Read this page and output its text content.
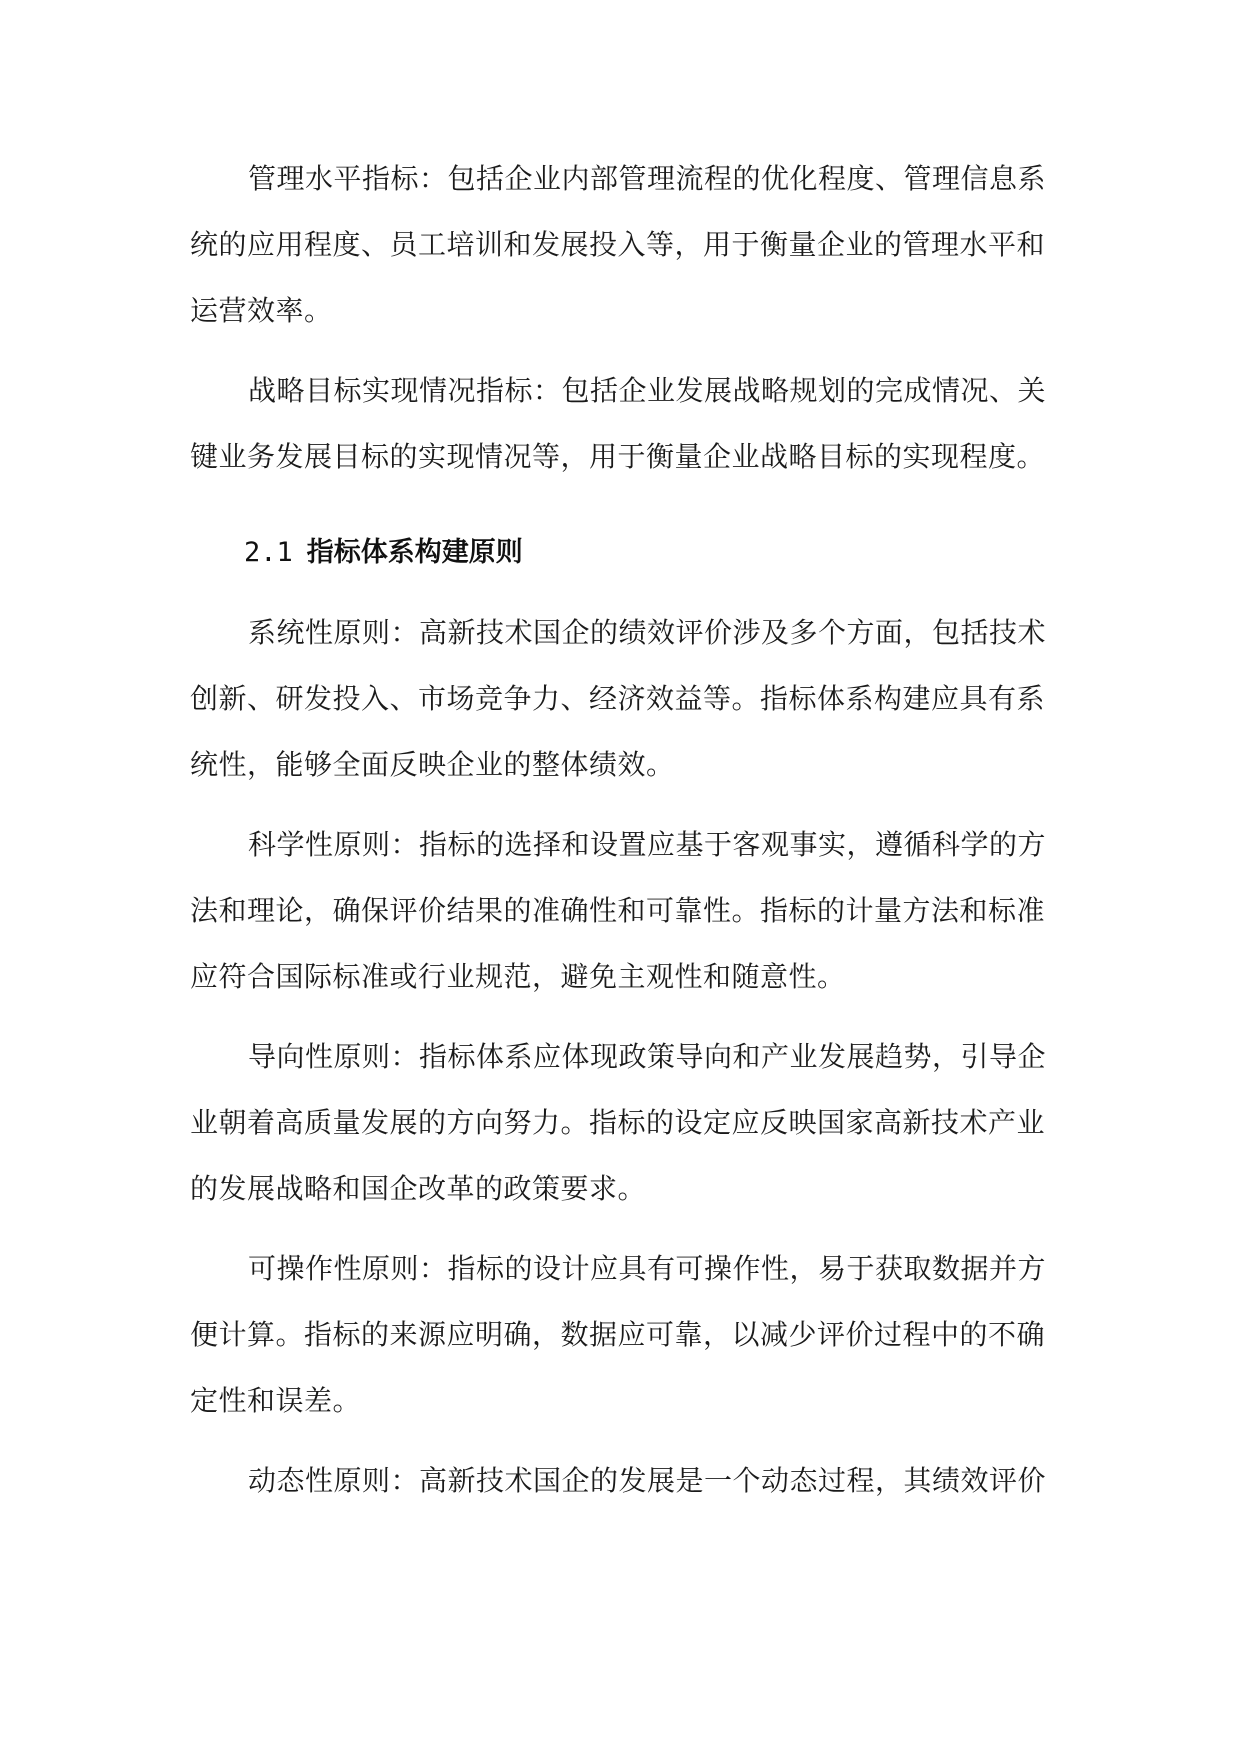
管理水平指标：包括企业内部管理流程的优化程度、管理信息系
统的应用程度、员工培训和发展投入等，用于衡量企业的管理水平和
运营效率。
战略目标实现情况指标：包括企业发展战略规划的完成情况、关
键业务发展目标的实现情况等，用于衡量企业战略目标的实现程度。
2.1 指标体系构建原则
系统性原则：高新技术国企的绩效评价涉及多个方面，包括技术
创新、研发投入、市场竞争力、经济效益等。指标体系构建应具有系
统性，能够全面反映企业的整体绩效。
科学性原则：指标的选择和设置应基于客观事实，遵循科学的方
法和理论，确保评价结果的准确性和可靠性。指标的计量方法和标准
应符合国际标准或行业规范，避免主观性和随意性。
导向性原则：指标体系应体现政策导向和产业发展趋势，引导企
业朝着高质量发展的方向努力。指标的设定应反映国家高新技术产业
的发展战略和国企改革的政策要求。
可操作性原则：指标的设计应具有可操作性，易于获取数据并方
便计算。指标的来源应明确，数据应可靠，以减少评价过程中的不确
定性和误差。
动态性原则：高新技术国企的发展是一个动态过程，其绩效评价
